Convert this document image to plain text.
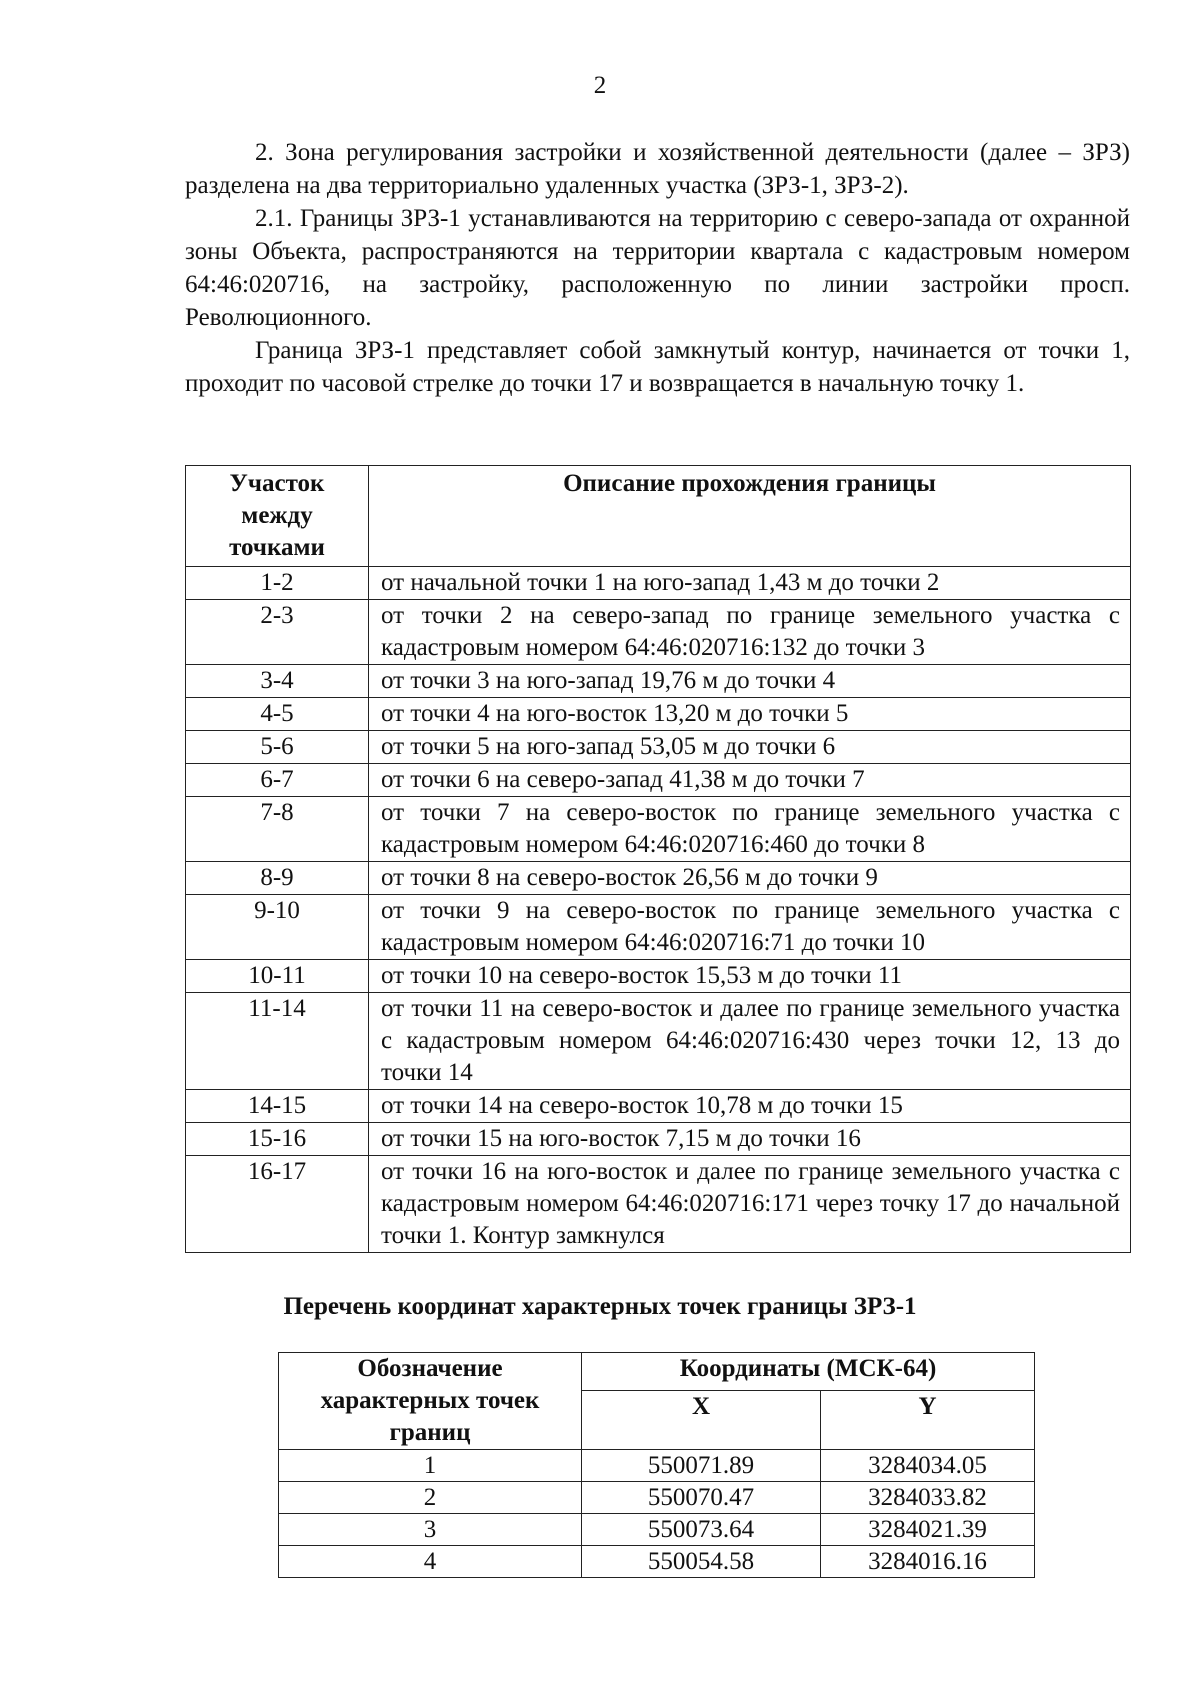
2

2. Зона регулирования застройки и хозяйственной деятельности (далее – ЗРЗ) разделена на два территориально удаленных участка (ЗРЗ-1, ЗРЗ-2).

2.1. Границы ЗРЗ-1 устанавливаются на территорию с северо-запада от охранной зоны Объекта, распространяются на территории квартала с кадастровым номером 64:46:020716, на застройку, расположенную по линии застройки просп. Революционного.

Граница ЗРЗ-1 представляет собой замкнутый контур, начинается от точки 1, проходит по часовой стрелке до точки 17 и возвращается в начальную точку 1.

Участок между точками	Описание прохождения границы
1-2	от начальной точки 1 на юго-запад 1,43 м до точки 2
2-3	от точки 2 на северо-запад по границе земельного участка с кадастровым номером 64:46:020716:132 до точки 3
3-4	от точки 3 на юго-запад 19,76 м до точки 4
4-5	от точки 4 на юго-восток 13,20 м до точки 5
5-6	от точки 5 на юго-запад 53,05 м до точки 6
6-7	от точки 6 на северо-запад 41,38 м до точки 7
7-8	от точки 7 на северо-восток по границе земельного участка с кадастровым номером 64:46:020716:460 до точки 8
8-9	от точки 8 на северо-восток 26,56 м до точки 9
9-10	от точки 9 на северо-восток по границе земельного участка с кадастровым номером 64:46:020716:71 до точки 10
10-11	от точки 10 на северо-восток 15,53 м до точки 11
11-14	от точки 11 на северо-восток и далее по границе земельного участка с кадастровым номером 64:46:020716:430 через точки 12, 13 до точки 14
14-15	от точки 14 на северо-восток 10,78 м до точки 15
15-16	от точки 15 на юго-восток 7,15 м до точки 16
16-17	от точки 16 на юго-восток и далее по границе земельного участка с кадастровым номером 64:46:020716:171 через точку 17 до начальной точки 1. Контур замкнулся
Перечень координат характерных точек границы ЗРЗ-1
Обозначение характерных точек границ	Координаты (МСК-64)	
	X	Y
1	550071.89	3284034.05
2	550070.47	3284033.82
3	550073.64	3284021.39
4	550054.58	3284016.16
